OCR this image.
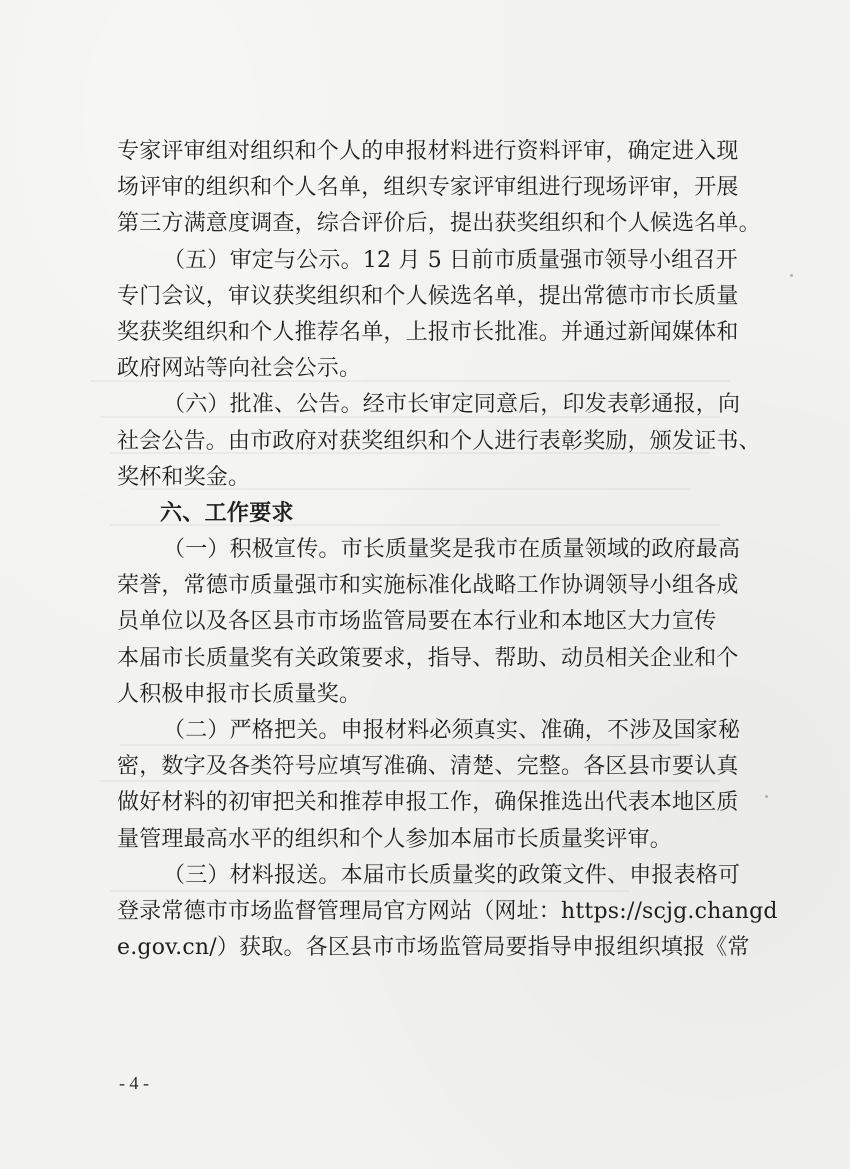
专家评审组对组织和个人的申报材料进行资料评审，确定进入现
场评审的组织和个人名单，组织专家评审组进行现场评审，开展
第三方满意度调查，综合评价后，提出获奖组织和个人候选名单。
（五）审定与公示。12 月 5 日前市质量强市领导小组召开
专门会议，审议获奖组织和个人候选名单，提出常德市市长质量
奖获奖组织和个人推荐名单，上报市长批准。并通过新闻媒体和
政府网站等向社会公示。
（六）批准、公告。经市长审定同意后，印发表彰通报，向
社会公告。由市政府对获奖组织和个人进行表彰奖励，颁发证书、
奖杯和奖金。
六、工作要求
（一）积极宣传。市长质量奖是我市在质量领域的政府最高
荣誉，常德市质量强市和实施标准化战略工作协调领导小组各成
员单位以及各区县市市场监管局要在本行业和本地区大力宣传
本届市长质量奖有关政策要求，指导、帮助、动员相关企业和个
人积极申报市长质量奖。
（二）严格把关。申报材料必须真实、准确，不涉及国家秘
密，数字及各类符号应填写准确、清楚、完整。各区县市要认真
做好材料的初审把关和推荐申报工作，确保推选出代表本地区质
量管理最高水平的组织和个人参加本届市长质量奖评审。
（三）材料报送。本届市长质量奖的政策文件、申报表格可
登录常德市市场监督管理局官方网站（网址：https://scjg.changd
e.gov.cn/）获取。各区县市市场监管局要指导申报组织填报《常
- 4 -
